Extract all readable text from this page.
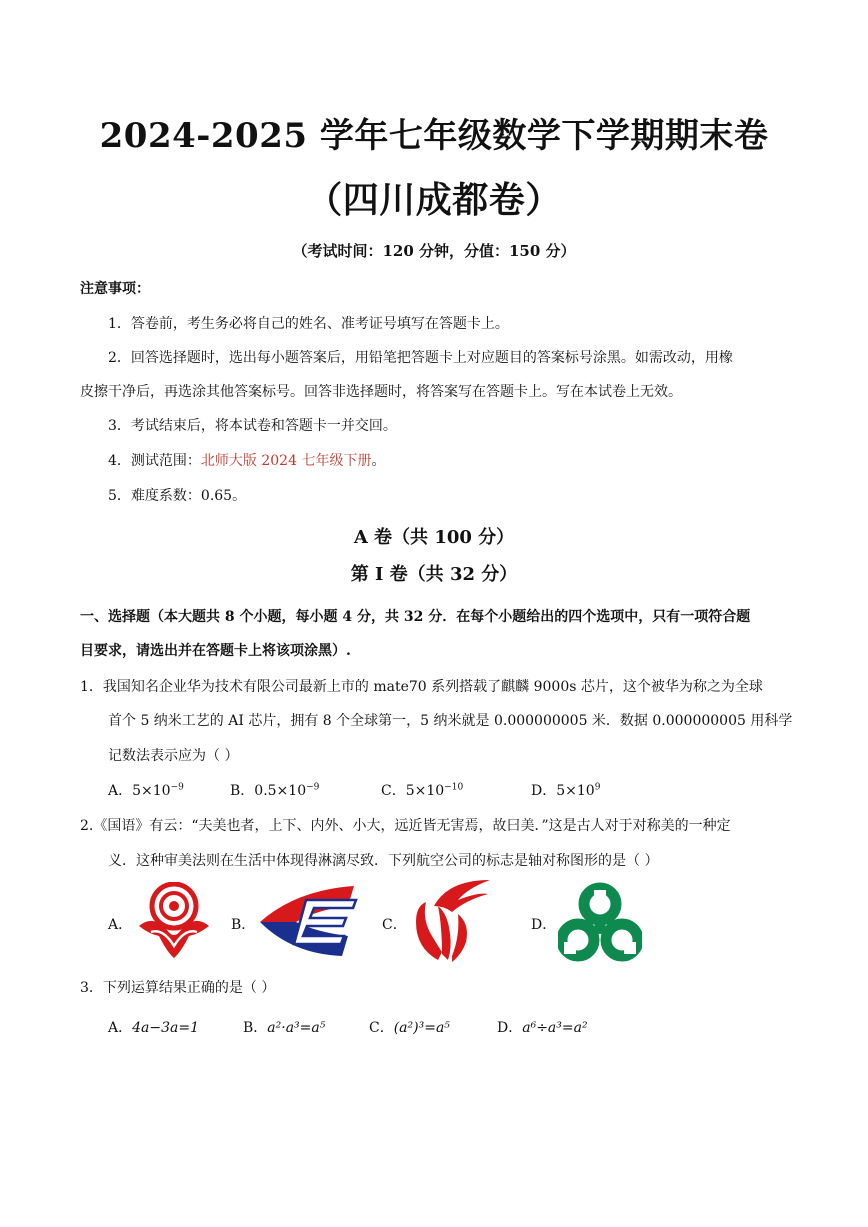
2024-2025 学年七年级数学下学期期末卷
（四川成都卷）
（考试时间：120 分钟，分值：150 分）
注意事项：
1．答卷前，考生务必将自己的姓名、准考证号填写在答题卡上。
2．回答选择题时，选出每小题答案后，用铅笔把答题卡上对应题目的答案标号涂黑。如需改动，用橡
皮擦干净后，再选涂其他答案标号。回答非选择题时，将答案写在答题卡上。写在本试卷上无效。
3．考试结束后，将本试卷和答题卡一并交回。
4．测试范围：北师大版 2024 七年级下册。
5．难度系数：0.65。
A 卷（共 100 分）
第 I 卷（共 32 分）
一、选择题（本大题共 8 个小题，每小题 4 分，共 32 分．在每个小题给出的四个选项中，只有一项符合题
目要求，请选出并在答题卡上将该项涂黑）.
1．我国知名企业华为技术有限公司最新上市的 mate70 系列搭载了麒麟 9000s 芯片，这个被华为称之为全球
首个 5 纳米工艺的 AI 芯片，拥有 8 个全球第一，5 纳米就是 0.000000005 米．数据 0.000000005 用科学
记数法表示应为（ ）
A．$5\times 10^{-9}$	B．$0.5\times 10^{-9}$	C．$5\times 10^{-10}$	D．$5\times 10^9$
2.《国语》有云：“夫美也者，上下、内外、小大，远近皆无害焉，故曰美．”这是古人对于对称美的一种定
义．这种审美法则在生活中体现得淋漓尽致．下列航空公司的标志是轴对称图形的是（ ）
A．	B．	C．	D．
3．下列运算结果正确的是（ ）
A．4a−3a=1	B．a²·a³=a⁵	C．(a²)³=a⁵	D．a⁶÷a³=a²
